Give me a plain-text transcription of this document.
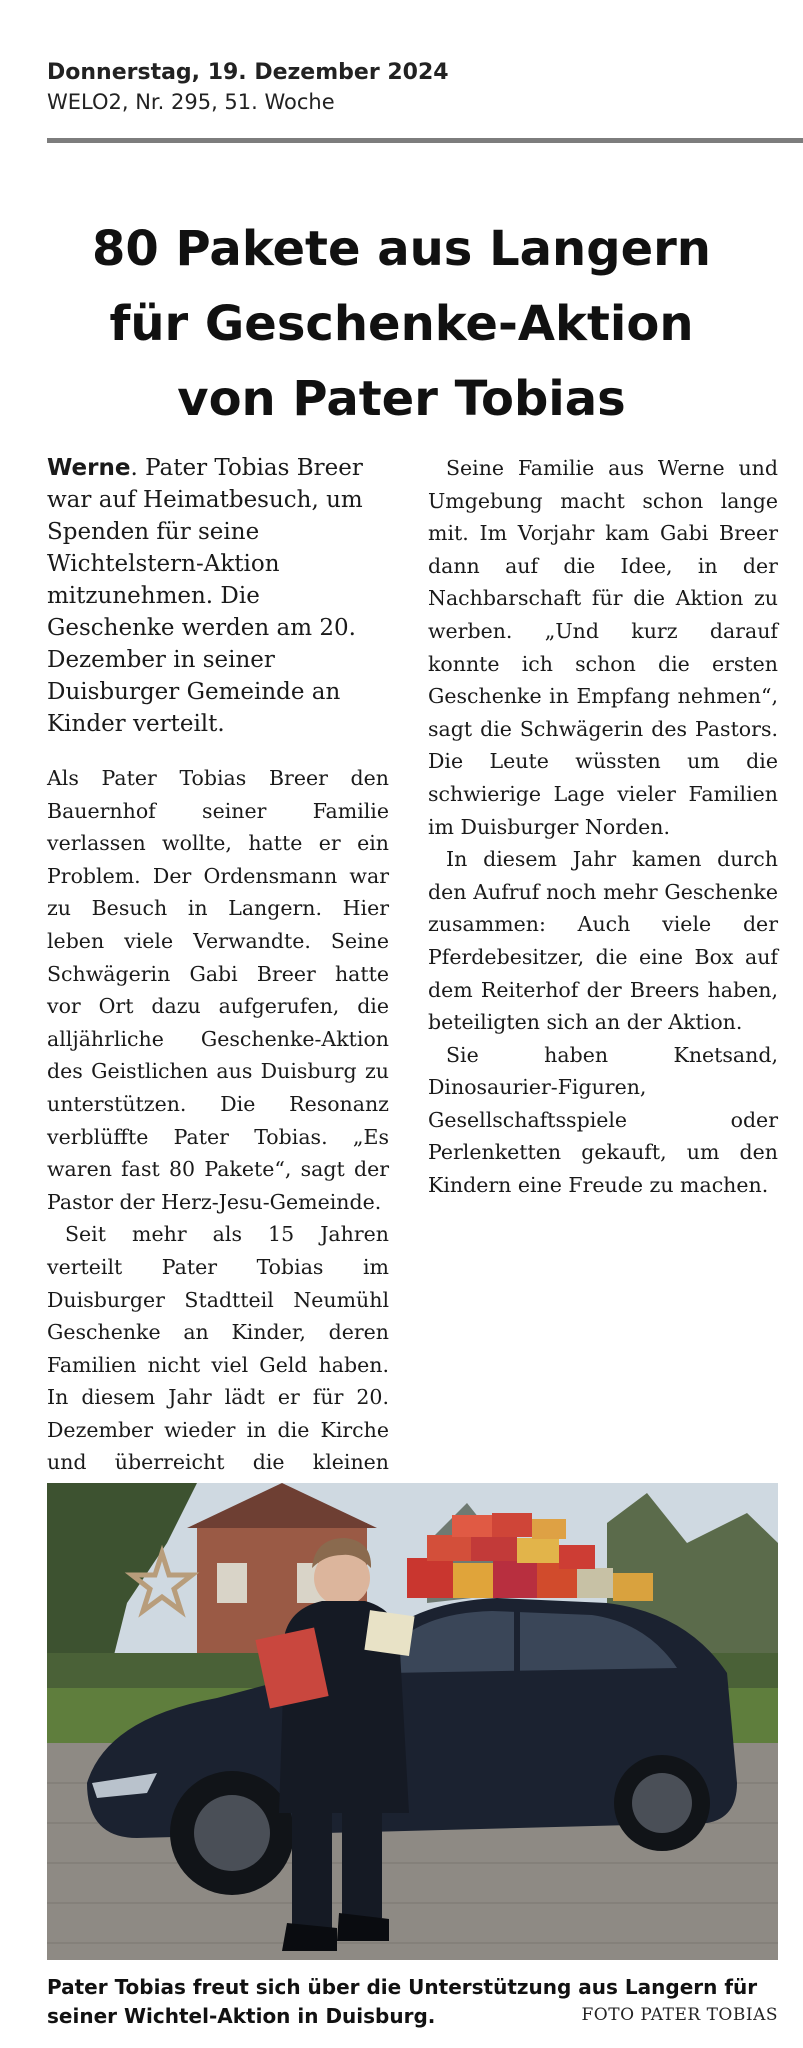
Donnerstag, 19. Dezember 2024
WELO2, Nr. 295, 51. Woche
80 Pakete aus Langern
für Geschenke-Aktion
von Pater Tobias

Werne. Pater Tobias Breer war auf Heimatbesuch, um Spenden für seine Wichtelstern-Aktion mitzunehmen. Die Geschenke werden am 20. Dezember in seiner Duisburger Gemeinde an Kinder verteilt.

Als Pater Tobias Breer den Bauernhof seiner Familie verlassen wollte, hatte er ein Problem. Der Ordensmann war zu Besuch in Langern. Hier leben viele Verwandte. Seine Schwägerin Gabi Breer hatte vor Ort dazu aufgerufen, die alljährliche Geschenke-Aktion des Geistlichen aus Duisburg zu unterstützen. Die Resonanz verblüffte Pater Tobias. „Es waren fast 80 Pakete“, sagt der Pastor der Herz-Jesu-Gemeinde.

Seit mehr als 15 Jahren verteilt Pater Tobias im Duisburger Stadtteil Neumühl Geschenke an Kinder, deren Familien nicht viel Geld haben. In diesem Jahr lädt er für 20. Dezember wieder in die Kirche und überreicht die kleinen

Seine Familie aus Werne und Umgebung macht schon lange mit. Im Vorjahr kam Gabi Breer dann auf die Idee, in der Nachbarschaft für die Aktion zu werben. „Und kurz darauf konnte ich schon die ersten Geschenke in Empfang nehmen“, sagt die Schwägerin des Pastors. Die Leute wüssten um die schwierige Lage vieler Familien im Duisburger Norden.

In diesem Jahr kamen durch den Aufruf noch mehr Geschenke zusammen: Auch viele der Pferdebesitzer, die eine Box auf dem Reiterhof der Breers haben, beteiligten sich an der Aktion.

Sie haben Knetsand, Dinosaurier-Figuren, Gesellschaftsspiele oder Perlenketten gekauft, um den Kindern eine Freude zu machen.

Pater Tobias freut sich über die Unterstützung aus Langern für seiner Wichtel-Aktion in Duisburg.	FOTO PATER TOBIAS
